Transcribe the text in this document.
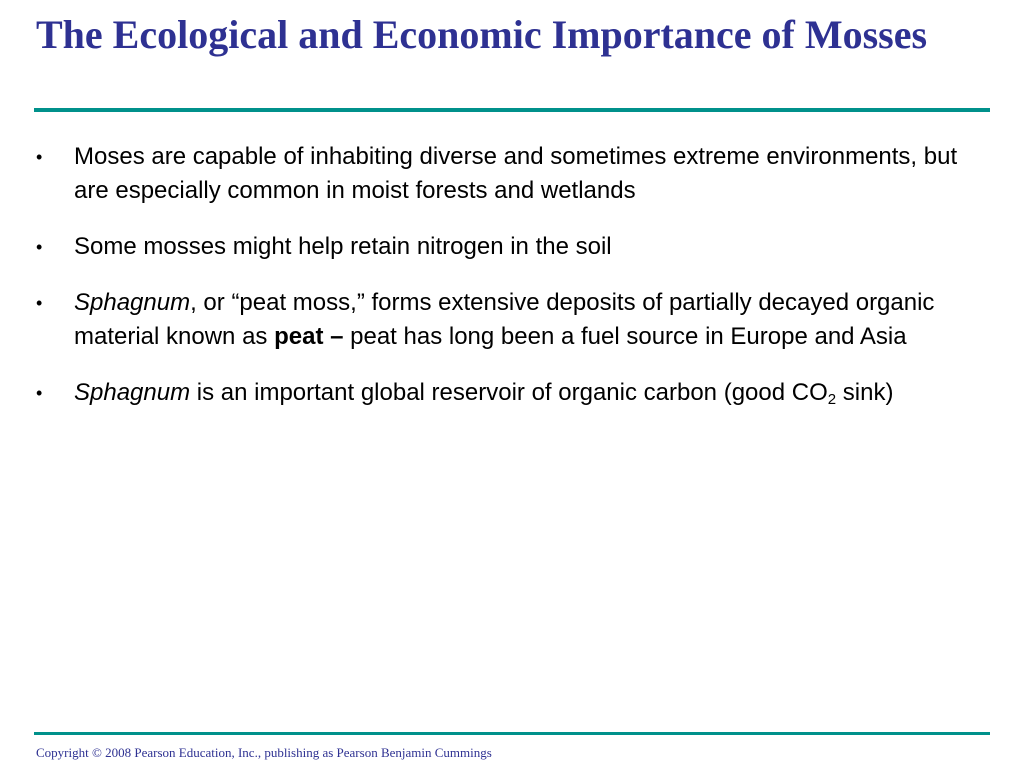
The Ecological and Economic Importance of Mosses
• Moses are capable of inhabiting diverse and sometimes extreme environments, but are especially common in moist forests and wetlands
• Some mosses might help retain nitrogen in the soil
• Sphagnum, or “peat moss,” forms extensive deposits of partially decayed organic material known as peat – peat has long been a fuel source in Europe and Asia
• Sphagnum is an important global reservoir of organic carbon (good $CO_2$ sink)
Copyright © 2008 Pearson Education, Inc., publishing as Pearson Benjamin Cummings
